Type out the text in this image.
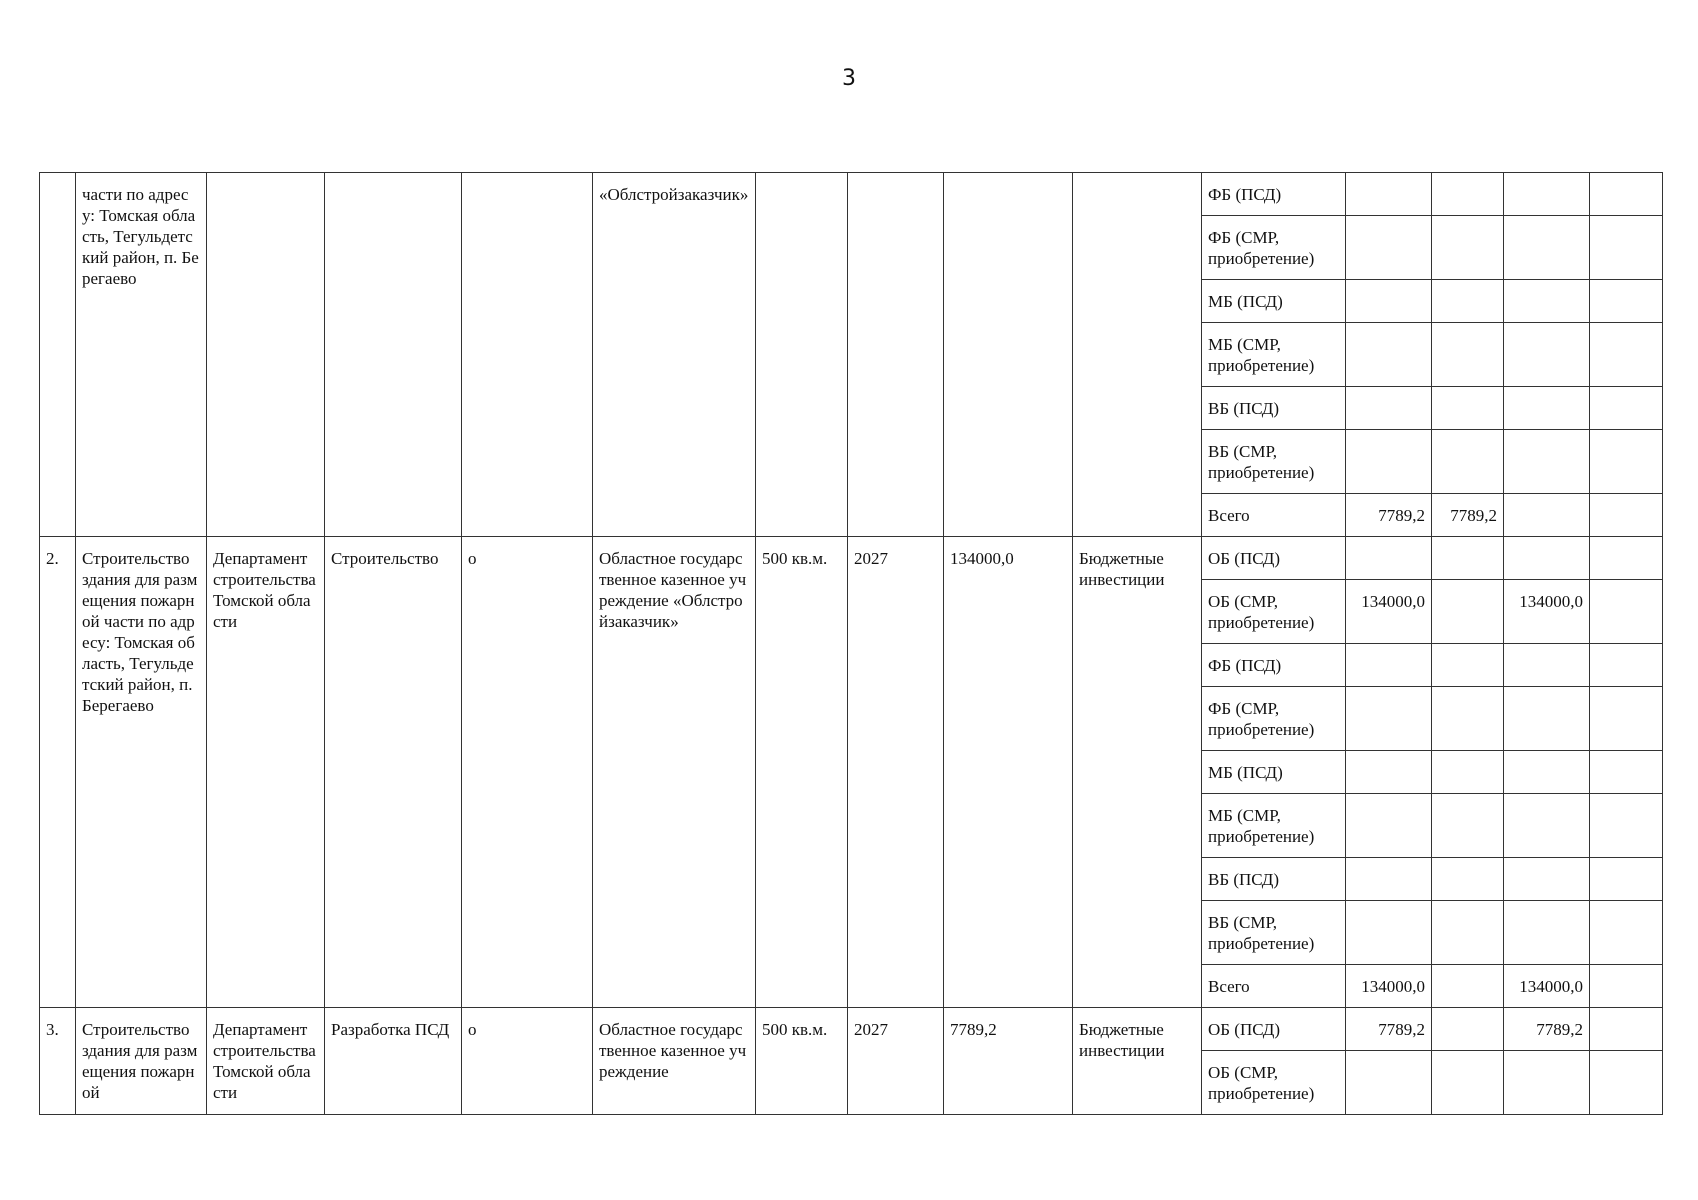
3
	части по адресу: Томская область, Тегульдетский район, п. Берегаево				«Облстройзаказчик»					ФБ (ПСД)				
										ФБ (СМР, приобретение)				
										МБ (ПСД)				
										МБ (СМР, приобретение)				
										ВБ (ПСД)				
										ВБ (СМР, приобретение)				
										Всего	7789,2	7789,2		
2.	Строительство здания для размещения пожарной части по адресу: Томская область, Тегульдетский район, п. Берегаево	Департамент строительства Томской области	Строительство	о	Областное государственное казенное учреждение «Облстройзаказчик»	500 кв.м.	2027	134000,0	Бюджетные инвестиции	ОБ (ПСД)				
										ОБ (СМР, приобретение)	134000,0		134000,0	
										ФБ (ПСД)				
										ФБ (СМР, приобретение)				
										МБ (ПСД)				
										МБ (СМР, приобретение)				
										ВБ (ПСД)				
										ВБ (СМР, приобретение)				
										Всего	134000,0		134000,0	
3.	Строительство здания для размещения пожарной	Департамент строительства Томской области	Разработка ПСД	о	Областное государственное казенное учреждение	500 кв.м.	2027	7789,2	Бюджетные инвестиции	ОБ (ПСД)	7789,2		7789,2	
										ОБ (СМР, приобретение)				
